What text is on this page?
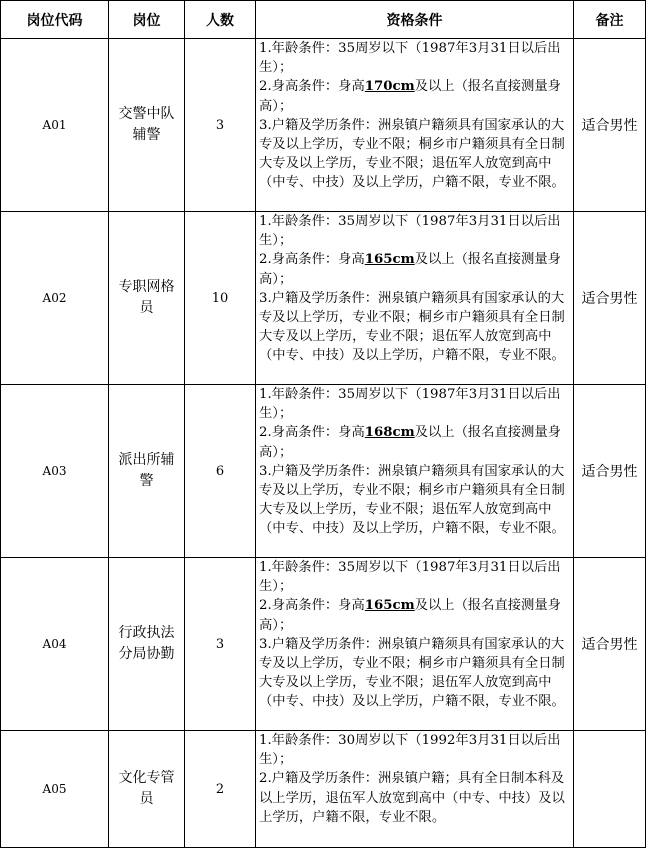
岗位代码	岗位	人数	资格条件	备注
A01	交警中队辅警	3	1.年龄条件：35周岁以下（1987年3月31日以后出生）；
2.身高条件：身高170cm及以上（报名直接测量身高）；
3.户籍及学历条件：洲泉镇户籍须具有国家承认的大专及以上学历，专业不限；桐乡市户籍须具有全日制大专及以上学历，专业不限；退伍军人放宽到高中（中专、中技）及以上学历，户籍不限，专业不限。	适合男性
A02	专职网格员	10	1.年龄条件：35周岁以下（1987年3月31日以后出生）；
2.身高条件：身高165cm及以上（报名直接测量身高）；
3.户籍及学历条件：洲泉镇户籍须具有国家承认的大专及以上学历，专业不限；桐乡市户籍须具有全日制大专及以上学历，专业不限；退伍军人放宽到高中（中专、中技）及以上学历，户籍不限，专业不限。	适合男性
A03	派出所辅警	6	1.年龄条件：35周岁以下（1987年3月31日以后出生）；
2.身高条件：身高168cm及以上（报名直接测量身高）；
3.户籍及学历条件：洲泉镇户籍须具有国家承认的大专及以上学历，专业不限；桐乡市户籍须具有全日制大专及以上学历，专业不限；退伍军人放宽到高中（中专、中技）及以上学历，户籍不限，专业不限。	适合男性
A04	行政执法分局协勤	3	1.年龄条件：35周岁以下（1987年3月31日以后出生）；
2.身高条件：身高165cm及以上（报名直接测量身高）；
3.户籍及学历条件：洲泉镇户籍须具有国家承认的大专及以上学历，专业不限；桐乡市户籍须具有全日制大专及以上学历，专业不限；退伍军人放宽到高中（中专、中技）及以上学历，户籍不限，专业不限。	适合男性
A05	文化专管员	2	1.年龄条件：30周岁以下（1992年3月31日以后出生）；
2.户籍及学历条件：洲泉镇户籍；具有全日制本科及以上学历，退伍军人放宽到高中（中专、中技）及以上学历，户籍不限，专业不限。	
